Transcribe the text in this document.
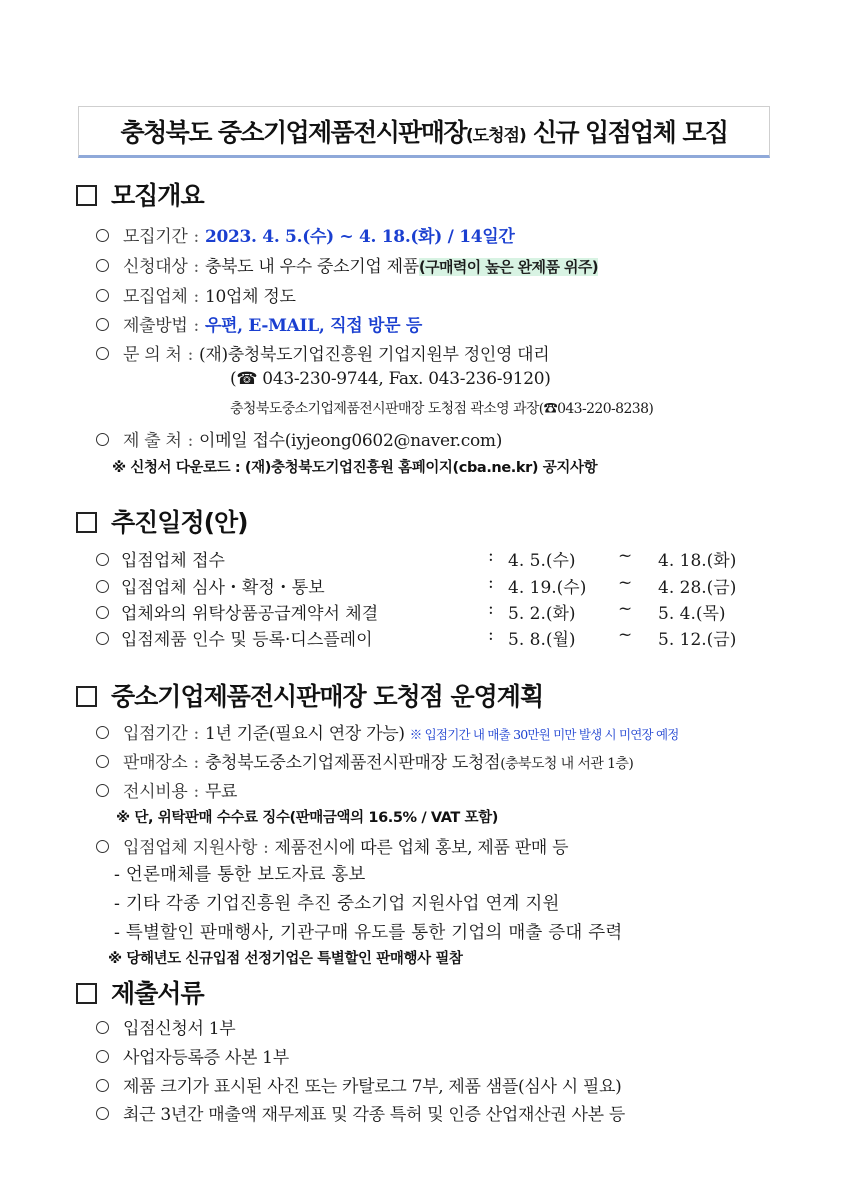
충청북도 중소기업제품전시판매장(도청점) 신규 입점업체 모집
모집개요
모집기간 : 2023. 4. 5.(수) ~ 4. 18.(화) / 14일간
신청대상 : 충북도 내 우수 중소기업 제품(구매력이 높은 완제품 위주)
모집업체 : 10업체 정도
제출방법 : 우편, E-MAIL, 직접 방문 등
문 의 처 : (재)충청북도기업진흥원 기업지원부 정인영 대리
(☎ 043-230-9744, Fax. 043-236-9120)
충청북도중소기업제품전시판매장 도청점 곽소영 과장(☎043-220-8238)
제 출 처 : 이메일 접수(iyjeong0602@naver.com)
※ 신청서 다운로드 : (재)충청북도기업진흥원 홈페이지(cba.ne.kr) 공지사항
추진일정(안)
입점업체 접수	: 4. 5.(수) ~ 4. 18.(화)
입점업체 심사・확정・통보	: 4. 19.(수) ~ 4. 28.(금)
업체와의 위탁상품공급계약서 체결	: 5. 2.(화) ~ 5. 4.(목)
입점제품 인수 및 등록·디스플레이	: 5. 8.(월) ~ 5. 12.(금)
중소기업제품전시판매장 도청점 운영계획
입점기간 : 1년 기준(필요시 연장 가능) ※ 입점기간 내 매출 30만원 미만 발생 시 미연장 예정
판매장소 : 충청북도중소기업제품전시판매장 도청점(충북도청 내 서관 1층)
전시비용 : 무료
※ 단, 위탁판매 수수료 징수(판매금액의 16.5% / VAT 포함)
입점업체 지원사항 : 제품전시에 따른 업체 홍보, 제품 판매 등
- 언론매체를 통한 보도자료 홍보
- 기타 각종 기업진흥원 추진 중소기업 지원사업 연계 지원
- 특별할인 판매행사, 기관구매 유도를 통한 기업의 매출 증대 주력
※ 당해년도 신규입점 선정기업은 특별할인 판매행사 필참
제출서류
입점신청서 1부
사업자등록증 사본 1부
제품 크기가 표시된 사진 또는 카탈로그 7부, 제품 샘플(심사 시 필요)
최근 3년간 매출액 재무제표 및 각종 특허 및 인증 산업재산권 사본 등
